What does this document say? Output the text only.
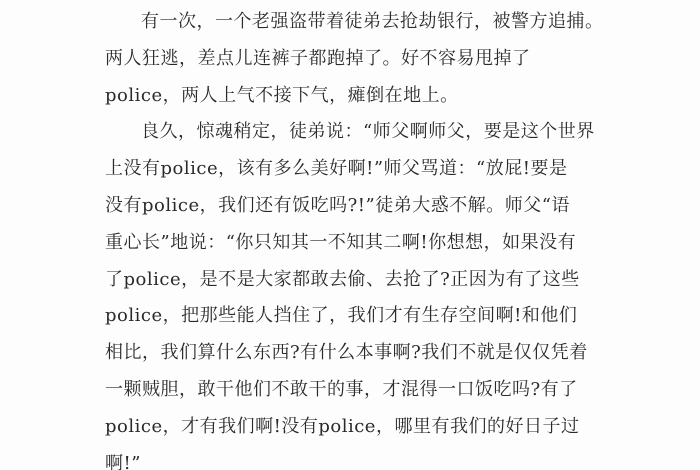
有一次，一个老强盗带着徒弟去抢劫银行，被警方追捕。
两人狂逃，差点儿连裤子都跑掉了。好不容易甩掉了
police，两人上气不接下气，瘫倒在地上。
良久，惊魂稍定，徒弟说：“师父啊师父，要是这个世界
上没有police，该有多么美好啊!”师父骂道：“放屁!要是
没有police，我们还有饭吃吗?!”徒弟大惑不解。师父“语
重心长”地说：“你只知其一不知其二啊!你想想，如果没有
了police，是不是大家都敢去偷、去抢了?正因为有了这些
police，把那些能人挡住了，我们才有生存空间啊!和他们
相比，我们算什么东西?有什么本事啊?我们不就是仅仅凭着
一颗贼胆，敢干他们不敢干的事，才混得一口饭吃吗?有了
police，才有我们啊!没有police，哪里有我们的好日子过
啊!”
